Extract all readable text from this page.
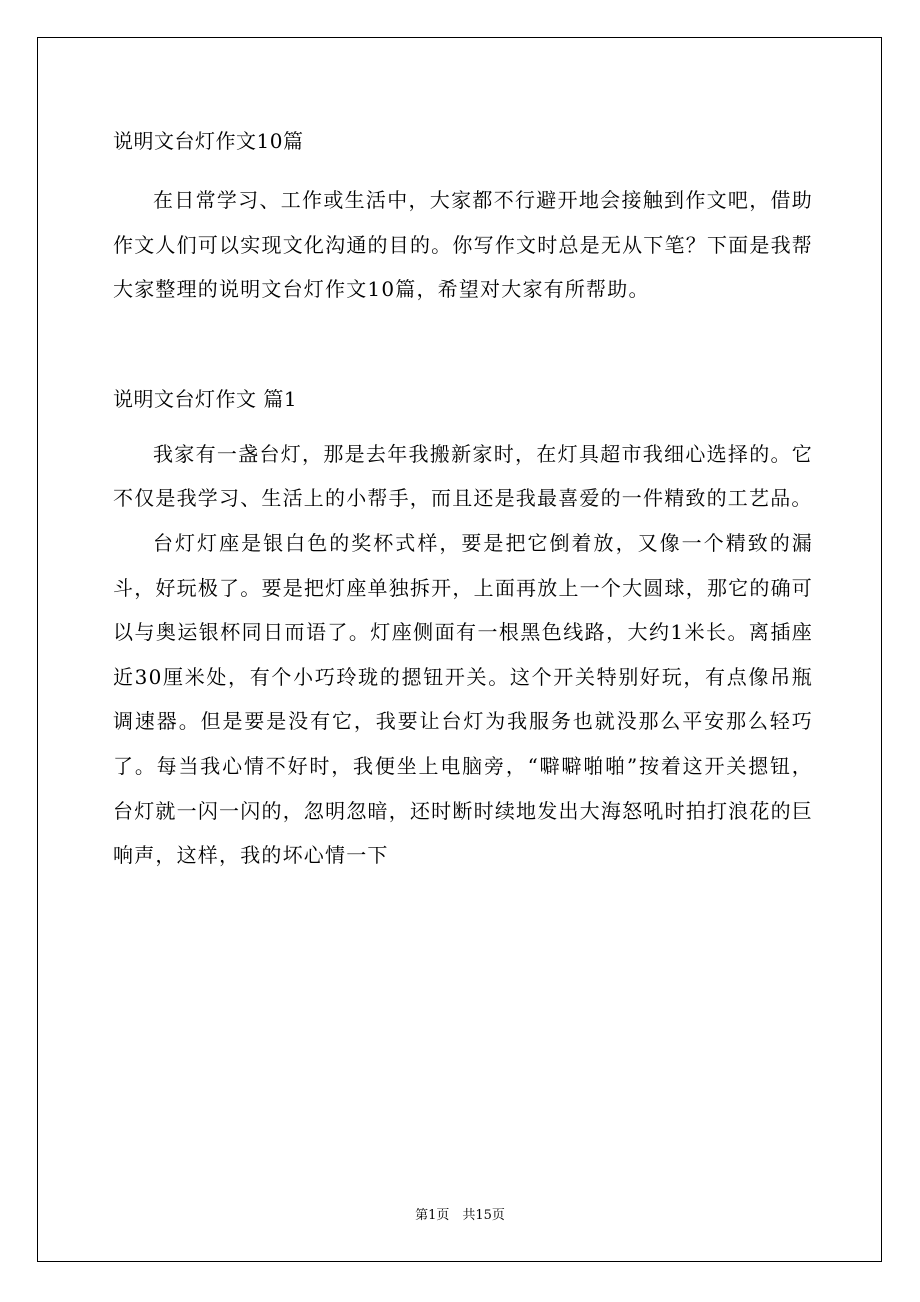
说明文台灯作文10篇

在日常学习、工作或生活中，大家都不行避开地会接触到作文吧，借助作文人们可以实现文化沟通的目的。你写作文时总是无从下笔？下面是我帮大家整理的说明文台灯作文10篇，希望对大家有所帮助。

说明文台灯作文 篇1

我家有一盏台灯，那是去年我搬新家时，在灯具超市我细心选择的。它不仅是我学习、生活上的小帮手，而且还是我最喜爱的一件精致的工艺品。

台灯灯座是银白色的奖杯式样，要是把它倒着放，又像一个精致的漏斗，好玩极了。要是把灯座单独拆开，上面再放上一个大圆球，那它的确可以与奥运银杯同日而语了。灯座侧面有一根黑色线路，大约1米长。离插座近30厘米处，有个小巧玲珑的摁钮开关。这个开关特别好玩，有点像吊瓶调速器。但是要是没有它，我要让台灯为我服务也就没那么平安那么轻巧了。每当我心情不好时，我便坐上电脑旁，“噼噼啪啪”按着这开关摁钮，台灯就一闪一闪的，忽明忽暗，还时断时续地发出大海怒吼时拍打浪花的巨响声，这样，我的坏心情一下

第1页　共15页
